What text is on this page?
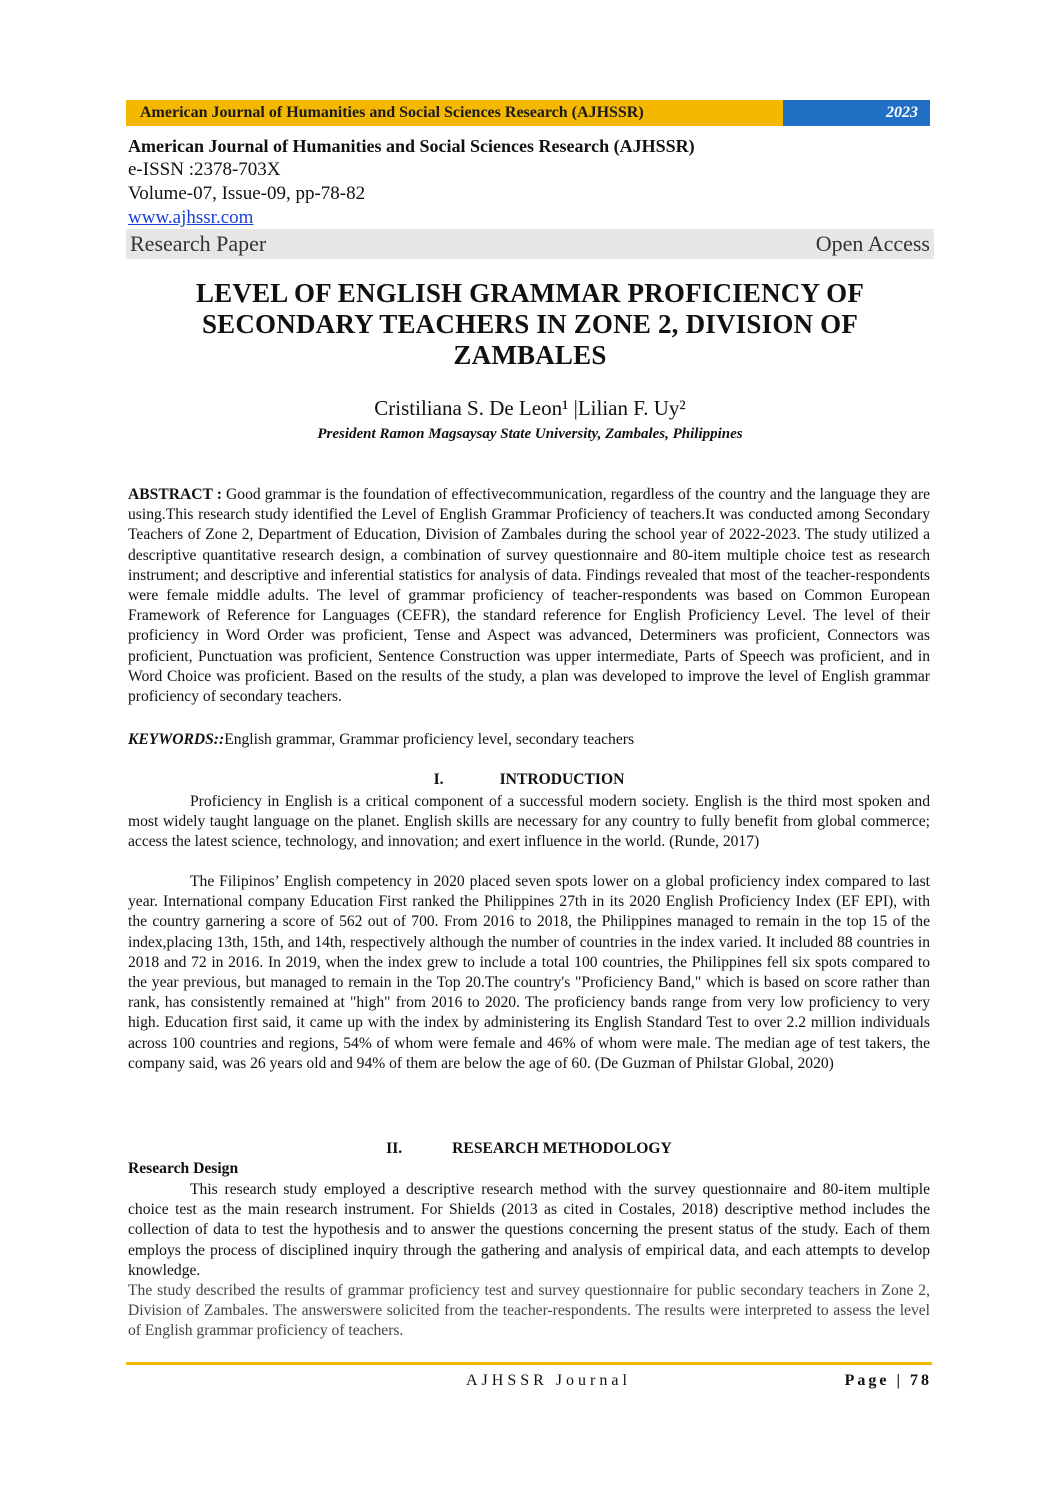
American Journal of Humanities and Social Sciences Research (AJHSSR)	2023
American Journal of Humanities and Social Sciences Research (AJHSSR)
e-ISSN :2378-703X
Volume-07, Issue-09, pp-78-82
www.ajhssr.com
Research Paper	Open Access
LEVEL OF ENGLISH GRAMMAR PROFICIENCY OF
SECONDARY TEACHERS IN ZONE 2, DIVISION OF
ZAMBALES
Cristiliana S. De Leon¹ |Lilian F. Uy²
President Ramon Magsaysay State University, Zambales, Philippines
ABSTRACT : Good grammar is the foundation of effectivecommunication, regardless of the country and the language they are using.This research study identified the Level of English Grammar Proficiency of teachers.It was conducted among Secondary Teachers of Zone 2, Department of Education, Division of Zambales during the school year of 2022-2023. The study utilized a descriptive quantitative research design, a combination of survey questionnaire and 80-item multiple choice test as research instrument; and descriptive and inferential statistics for analysis of data. Findings revealed that most of the teacher-respondents were female middle adults. The level of grammar proficiency of teacher-respondents was based on Common European Framework of Reference for Languages (CEFR), the standard reference for English Proficiency Level. The level of their proficiency in Word Order was proficient, Tense and Aspect was advanced, Determiners was proficient, Connectors was proficient, Punctuation was proficient, Sentence Construction was upper intermediate, Parts of Speech was proficient, and in Word Choice was proficient. Based on the results of the study, a plan was developed to improve the level of English grammar proficiency of secondary teachers.
KEYWORDS::English grammar, Grammar proficiency level, secondary teachers
I.	INTRODUCTION

Proficiency in English is a critical component of a successful modern society. English is the third most spoken and most widely taught language on the planet. English skills are necessary for any country to fully benefit from global commerce; access the latest science, technology, and innovation; and exert influence in the world. (Runde, 2017)

The Filipinos’ English competency in 2020 placed seven spots lower on a global proficiency index compared to last year. International company Education First ranked the Philippines 27th in its 2020 English Proficiency Index (EF EPI), with the country garnering a score of 562 out of 700. From 2016 to 2018, the Philippines managed to remain in the top 15 of the index,placing 13th, 15th, and 14th, respectively although the number of countries in the index varied. It included 88 countries in 2018 and 72 in 2016. In 2019, when the index grew to include a total 100 countries, the Philippines fell six spots compared to the year previous, but managed to remain in the Top 20.The country's "Proficiency Band," which is based on score rather than rank, has consistently remained at "high" from 2016 to 2020. The proficiency bands range from very low proficiency to very high. Education first said, it came up with the index by administering its English Standard Test to over 2.2 million individuals across 100 countries and regions, 54% of whom were female and 46% of whom were male. The median age of test takers, the company said, was 26 years old and 94% of them are below the age of 60. (De Guzman of Philstar Global, 2020)

II.	RESEARCH METHODOLOGY
Research Design

This research study employed a descriptive research method with the survey questionnaire and 80-item multiple choice test as the main research instrument. For Shields (2013 as cited in Costales, 2018) descriptive method includes the collection of data to test the hypothesis and to answer the questions concerning the present status of the study. Each of them employs the process of disciplined inquiry through the gathering and analysis of empirical data, and each attempts to develop knowledge.

The study described the results of grammar proficiency test and survey questionnaire for public secondary teachers in Zone 2, Division of Zambales. The answerswere solicited from the teacher-respondents. The results were interpreted to assess the level of English grammar proficiency of teachers.

AJHSSR Journal	Page | 78
